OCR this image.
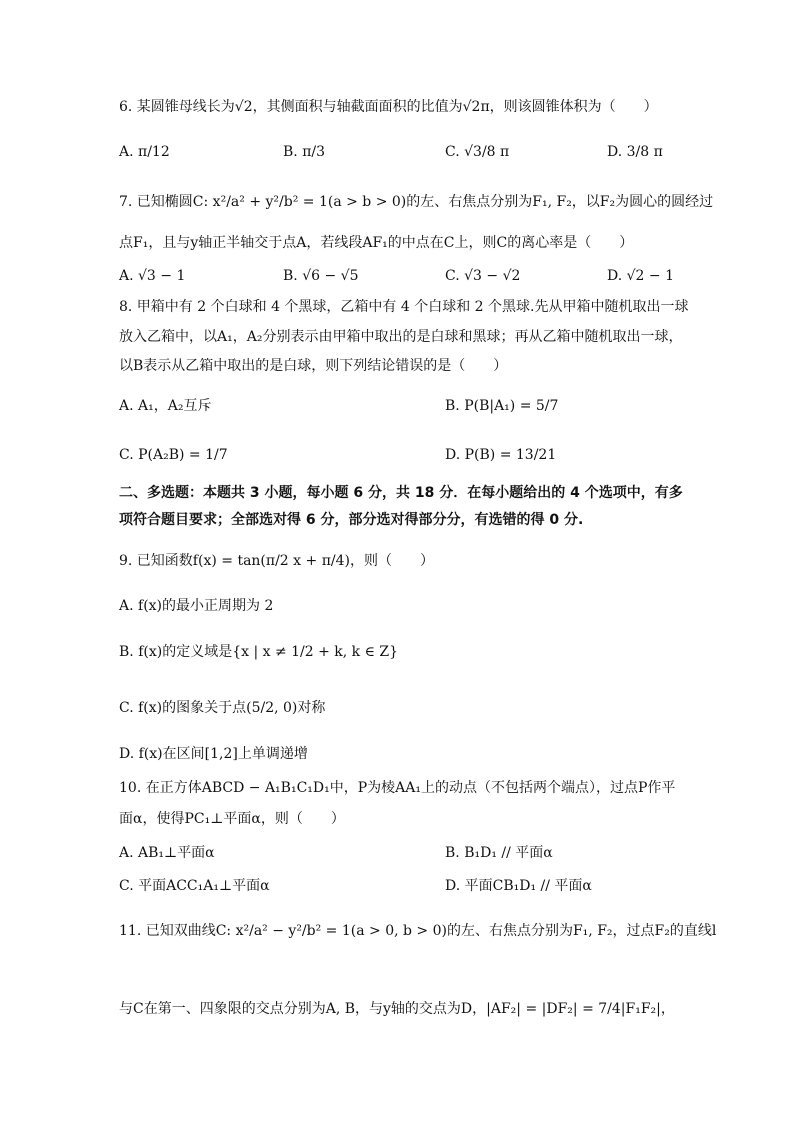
6. 某圆锥母线长为√2，其侧面积与轴截面面积的比值为√2π，则该圆锥体积为（　　）
A. π/12	B. π/3	C. √3/8 π	D. 3/8 π
7. 已知椭圆C: x²/a² + y²/b² = 1(a > b > 0)的左、右焦点分别为F₁, F₂，以F₂为圆心的圆经过
点F₁，且与y轴正半轴交于点A，若线段AF₁的中点在C上，则C的离心率是（　　）
A. √3 − 1	B. √6 − √5	C. √3 − √2	D. √2 − 1
8. 甲箱中有 2 个白球和 4 个黑球，乙箱中有 4 个白球和 2 个黑球.先从甲箱中随机取出一球
放入乙箱中，以A₁，A₂分别表示由甲箱中取出的是白球和黑球；再从乙箱中随机取出一球，
以B表示从乙箱中取出的是白球，则下列结论错误的是（　　）
A. A₁，A₂互斥	B. P(B|A₁) = 5/7
C. P(A₂B) = 1/7	D. P(B) = 13/21
二、多选题：本题共 3 小题，每小题 6 分，共 18 分．在每小题给出的 4 个选项中，有多
项符合题目要求；全部选对得 6 分，部分选对得部分分，有选错的得 0 分.
9. 已知函数f(x) = tan(π/2 x + π/4)，则（　　）
A. f(x)的最小正周期为 2
B. f(x)的定义域是{x | x ≠ 1/2 + k, k ∈ Z}
C. f(x)的图象关于点(5/2, 0)对称
D. f(x)在区间[1,2]上单调递增
10. 在正方体ABCD − A₁B₁C₁D₁中，P为棱AA₁上的动点（不包括两个端点），过点P作平
面α，使得PC₁⊥平面α，则（　　）
A. AB₁⊥平面α	B. B₁D₁ // 平面α
C. 平面ACC₁A₁⊥平面α	D. 平面CB₁D₁ // 平面α
11. 已知双曲线C: x²/a² − y²/b² = 1(a > 0, b > 0)的左、右焦点分别为F₁, F₂，过点F₂的直线l
与C在第一、四象限的交点分别为A, B，与y轴的交点为D，|AF₂| = |DF₂| = 7/4|F₁F₂|，
